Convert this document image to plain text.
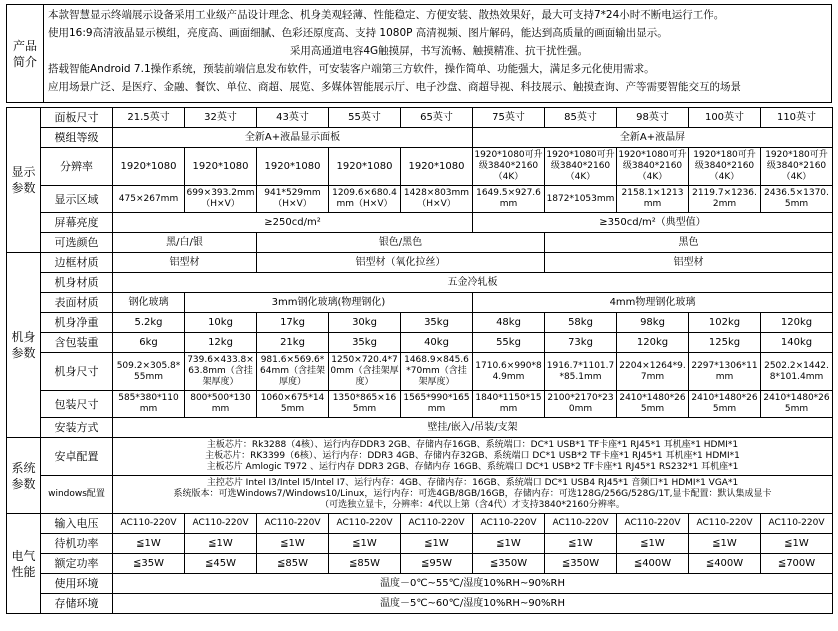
产品
简介

本款智慧显示终端展示设备采用工业级产品设计理念、机身美观轻薄、性能稳定、方便安装、散热效果好，最大可支持7*24小时不断电运行工作。

使用16:9高清液晶显示模组，亮度高、画面细腻、色彩还原度高、支持 1080P 高清视频、图片解码，能达到高质量的画面输出显示。

采用高通道电容4G触摸屏，书写流畅、触摸精准、抗干扰性强。

搭载智能Android 7.1操作系统，预装前端信息发布软件，可安装客户端第三方软件，操作简单、功能强大，满足多元化使用需求。

应用场景广泛、是医疗、金融、餐饮、单位、商超、展览、多媒体智能展示厅、电子沙盘、商超导视、科技展示、触摸查询、产等需要智能交互的场景

显示
参数	面板尺寸	21.5英寸	32英寸	43英寸	55英寸	65英寸	75英寸	85英寸	98英寸	100英寸	110英寸
	模组等级	全新A+液晶显示面板					全新A+液晶屏				
	分辨率	1920*1080	1920*1080	1920*1080	1920*1080	1920*1080	1920*1080可升级3840*2160（4K）	1920*1080可升级3840*2160（4K）	1920*1080可升级3840*2160（4K）	1920*180可升级3840*2160（4K）	1920*180可升级3840*2160（4K）
	显示区域	475×267mm	699×393.2mm（H×V）	941*529mm（H×V）	1209.6×680.4mm（H×V）	1428×803mm（H×V）	1649.5×927.6mm	1872*1053mm	2158.1×1213mm	2119.7×1236.2mm	2436.5×1370.5mm
	屏幕亮度	≥250cd/m²					≥350cd/m²（典型值）				
	可选颜色	黑/白/银		银色/黑色				黑色			

机身
参数	边框材质	铝型材		铝型材（氧化拉丝）				铝型材			
	机身材质	五金冷轧板									
	表面材质	钢化玻璃	3mm钢化玻璃(物理钢化)				4mm物理钢化玻璃				
	机身净重	5.2kg	10kg	17kg	30kg	35kg	48kg	58kg	98kg	102kg	120kg
	含包装重	6kg	12kg	21kg	35kg	40kg	55kg	73kg	120kg	125kg	140kg
	机身尺寸	509.2×305.8*55mm	739.6×433.8×63.8mm（含挂架厚度）	981.6×569.6*64mm（含挂架厚度）	1250×720.4*70mm（含挂架厚度）	1468.9×845.6*70mm（含挂架厚度）	1710.6×990*84.9mm	1916.7*1101.7*85.1mm	2204×1264*9.7mm	2297*1306*11mm	2502.2×1442.8*101.4mm
	包装尺寸	585*380*110mm	800*500*130mm	1060×675*145mm	1350*865×165mm	1565*990*165mm	1840*1150*15mm	2100*2170*230mm	2410*1480*265mm	2410*1480*265mm	2410*1480*265mm
	安装方式	壁挂/嵌入/吊装/支架									

系统
参数
	安卓配置	
主板芯片：Rk3288（4核）、运行内存DDR3 2GB、存储内存16GB、系统端口：DC*1 USB*1 TF卡座*1 RJ45*1 耳机座*1 HDMI*1
主板芯片：RK3399（6核）、运行内存：DDR3 4GB、存储内存32GB、系统端口 DC*1 USB*2 TF卡座*1 RJ45*1 耳机座*1 HDMI*1
主板芯片 Amlogic T972 、运行内存 DDR3 2GB、存储内存 16GB、系统端口 DC*1 USB*2 TF卡座*1 RJ45*1 RS232*1 耳机座*1

	windows配置	主控芯片 Intel I3/Intel I5/Intel I7、运行内存：4GB、存储内存：16GB、系统端口 DC*1 USB4 RJ45*1 音频口*1 HDMI*1 VGA*1
系统版本：可选Windows7/Windows10/Linux，运行内存：可选4GB/8GB/16GB，存储内存：可选128G/256G/528G/1T,显卡配置：默认集成显卡
（可选独立显卡，分辨率：4代以上第（含4代）才支持3840*2160分辨率。									

电气
性能	输入电压	AC110-220V	AC110-220V	AC110-220V	AC110-220V	AC110-220V	AC110-220V	AC110-220V	AC110-220V	AC110-220V	AC110-220V
	待机功率	≦1W	≦1W	≦1W	≦1W	≦1W	≦1W	≦1W	≦1W	≦1W	≦1W
	额定功率	≦35W	≦45W	≦85W	≦85W	≦95W	≦350W	≦350W	≦400W	≦400W	≦700W
	使用环境	温度－0℃~55℃/湿度10%RH~90%RH									
	存储环境	温度－5℃~60℃/湿度10%RH~90%RH									
